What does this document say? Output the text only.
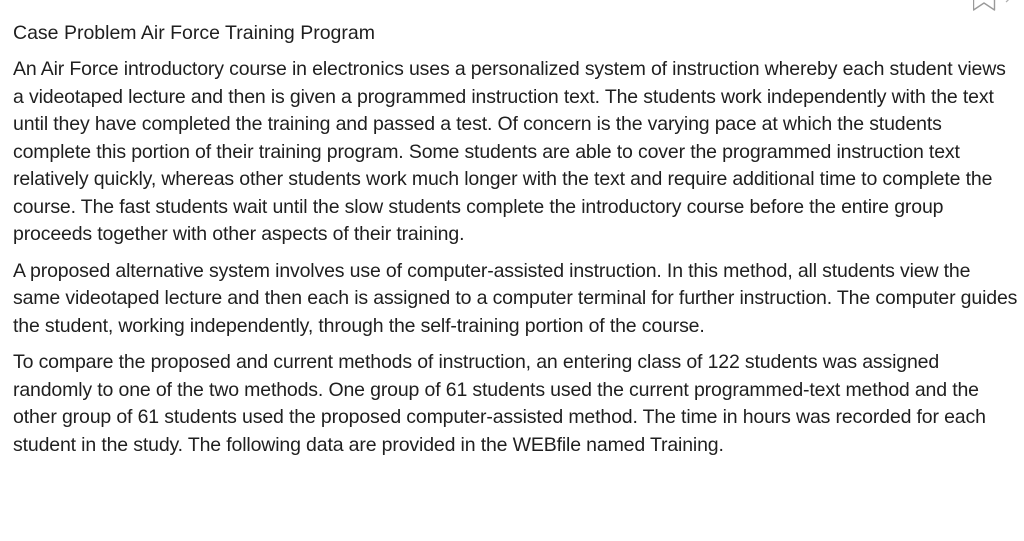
Case Problem Air Force Training Program

An Air Force introductory course in electronics uses a personalized system of instruction whereby each student views a videotaped lecture and then is given a programmed instruction text. The students work independently with the text until they have completed the training and passed a test. Of concern is the varying pace at which the students complete this portion of their training program. Some students are able to cover the programmed instruction text relatively quickly, whereas other students work much longer with the text and require additional time to complete the course. The fast students wait until the slow students complete the introductory course before the entire group proceeds together with other aspects of their training.

A proposed alternative system involves use of computer-assisted instruction. In this method, all students view the same videotaped lecture and then each is assigned to a computer terminal for further instruction. The computer guides the student, working independently, through the self-training portion of the course.

To compare the proposed and current methods of instruction, an entering class of 122 students was assigned randomly to one of the two methods. One group of 61 students used the current programmed-text method and the other group of 61 students used the proposed computer-assisted method. The time in hours was recorded for each student in the study. The following data are provided in the WEBfile named Training.
